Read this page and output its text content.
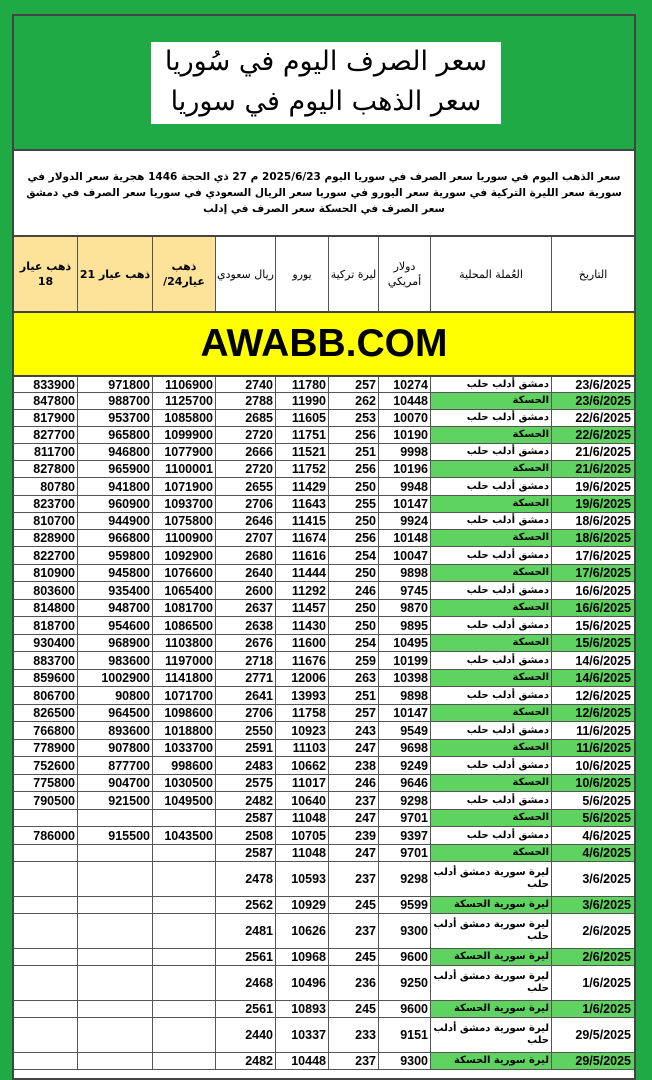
سعر الصرف اليوم في سُوريا
سعر الذهب اليوم في سوريا
سعر الذهب اليوم في سوريا سعر الصرف في سوريا اليوم 2025/6/23 م 27 ذي الحجة 1446 هجرية سعر الدولار في سورية سعر الليرة التركية في سورية سعر اليورو في سوريا سعر الريال السعودي في سوريا سعر الصرف في دمشق سعر الصرف في الحسكة سعر الصرف في إدلب
التاريخ
العُملة المحلية
دولار أمريكي
ليرة تركية
يورو
ريال سعودي
ذهب عيار24/
ذهب عيار 21
ذهب عيار 18
AWABB.COM
23/6/2025
دمشق أدلب حلب
10274
257
11780
2740
1106900
971800
833900
23/6/2025
الحسكة
10448
262
11990
2788
1125700
988700
847800
22/6/2025
دمشق أدلب حلب
10070
253
11605
2685
1085800
953700
817900
22/6/2025
الحسكة
10190
256
11751
2720
1099900
965800
827700
21/6/2025
دمشق أدلب حلب
9998
251
11521
2666
1077900
946800
811700
21/6/2025
الحسكة
10196
256
11752
2720
1100001
965900
827800
19/6/2025
دمشق أدلب حلب
9948
250
11429
2655
1071900
941800
80780
19/6/2025
الحسكة
10147
255
11643
2706
1093700
960900
823700
18/6/2025
دمشق أدلب حلب
9924
250
11415
2646
1075800
944900
810700
18/6/2025
الحسكة
10148
256
11674
2707
1100900
966800
828900
17/6/2025
دمشق أدلب حلب
10047
254
11616
2680
1092900
959800
822700
17/6/2025
الحسكة
9898
250
11444
2640
1076600
945800
810900
16/6/2025
دمشق أدلب حلب
9745
246
11292
2600
1065400
935400
803600
16/6/2025
الحسكة
9870
250
11457
2637
1081700
948700
814800
15/6/2025
دمشق أدلب حلب
9895
250
11430
2638
1086500
954600
818700
15/6/2025
الحسكة
10495
254
11600
2676
1103800
968900
930400
14/6/2025
دمشق أدلب حلب
10199
259
11676
2718
1197000
983600
883700
14/6/2025
الحسكة
10398
263
12006
2771
1141800
1002900
859600
12/6/2025
دمشق أدلب حلب
9898
251
13993
2641
1071700
90800
806700
12/6/2025
الحسكة
10147
257
11758
2706
1098600
964500
826500
11/6/2025
دمشق أدلب حلب
9549
243
10923
2550
1018800
893600
766800
11/6/2025
الحسكة
9698
247
11103
2591
1033700
907800
778900
10/6/2025
دمشق أدلب حلب
9249
238
10662
2483
998600
877700
752600
10/6/2025
الحسكة
9646
246
11017
2575
1030500
904700
775800
5/6/2025
دمشق أدلب حلب
9298
237
10640
2482
1049500
921500
790500
5/6/2025
الحسكة
9701
247
11048
2587
4/6/2025
دمشق أدلب حلب
9397
239
10705
2508
1043500
915500
786000
4/6/2025
الحسكة
9701
247
11048
2587
3/6/2025
ليرة سورية دمشق أدلب حلب
9298
237
10593
2478
3/6/2025
ليرة سورية الحسكة
9599
245
10929
2562
2/6/2025
ليرة سورية دمشق أدلب حلب
9300
237
10626
2481
2/6/2025
ليرة سورية الحسكة
9600
245
10968
2561
1/6/2025
ليرة سورية دمشق أدلب حلب
9250
236
10496
2468
1/6/2025
ليرة سورية الحسكة
9600
245
10893
2561
29/5/2025
ليرة سورية دمشق أدلب حلب
9151
233
10337
2440
29/5/2025
ليرة سورية الحسكة
9300
237
10448
2482
